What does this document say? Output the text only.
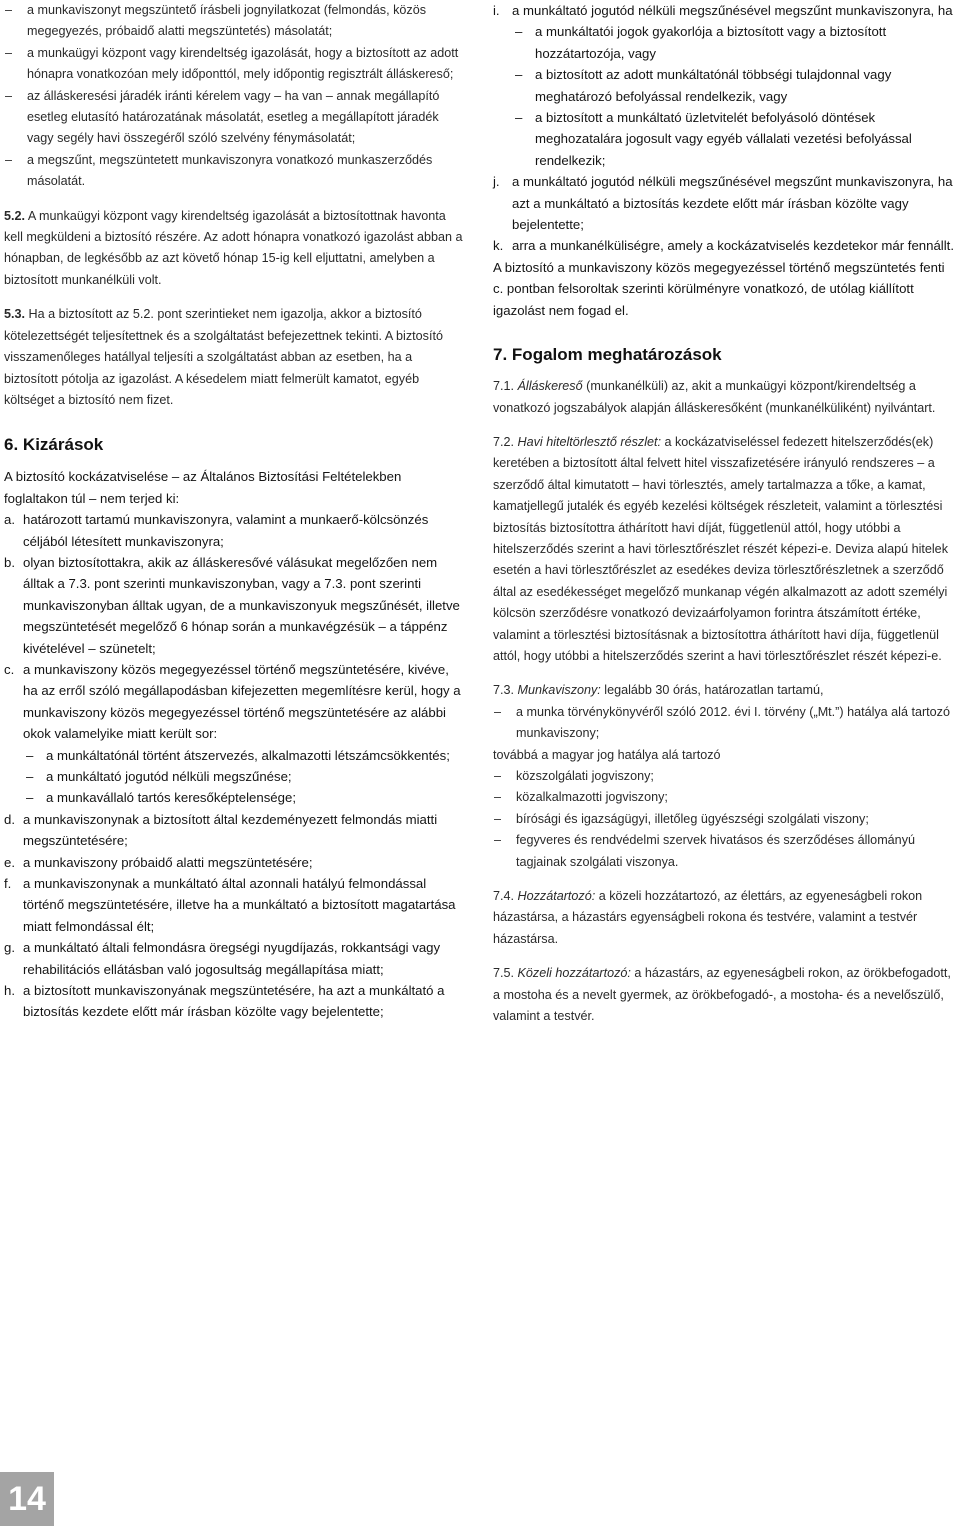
– a munkaviszonyt megszüntető írásbeli jognyilatkozat (felmondás, közös megegyezés, próbaidő alatti megszüntetés) másolatát;
– a munkaügyi központ vagy kirendeltség igazolását, hogy a biztosított az adott hónapra vonatkozóan mely időponttól, mely időpontig regisztrált álláskereső;
– az álláskeresési járadék iránti kérelem vagy – ha van – annak megállapító esetleg elutasító határozatának másolatát, esetleg a megállapított járadék vagy segély havi összegéről szóló szelvény fénymásolatát;
– a megszűnt, megszüntetett munkaviszonyra vonatkozó munkaszerződés másolatát.

5.2. A munkaügyi központ vagy kirendeltség igazolását a biztosítottnak havonta kell megküldeni a biztosító részére. Az adott hónapra vonatkozó igazolást abban a hónapban, de legkésőbb az azt követő hónap 15-ig kell eljuttatni, amelyben a biztosított munkanélküli volt.

5.3. Ha a biztosított az 5.2. pont szerintieket nem igazolja, akkor a biztosító kötelezettségét teljesítettnek és a szolgáltatást befejezettnek tekinti. A biztosító visszamenőleges hatállyal teljesíti a szolgáltatást abban az esetben, ha a biztosított pótolja az igazolást. A késedelem miatt felmerült kamatot, egyéb költséget a biztosító nem fizet.

6. Kizárások

A biztosító kockázatviselése – az Általános Biztosítási Feltételekben foglaltakon túl – nem terjed ki:

a. határozott tartamú munkaviszonyra, valamint a munkaerő-kölcsönzés céljából létesített munkaviszonyra;
b. olyan biztosítottakra, akik az álláskeresővé válásukat megelőzően nem álltak a 7.3. pont szerinti munkaviszonyban, vagy a 7.3. pont szerinti munkaviszonyban álltak ugyan, de a munkaviszonyuk megszűnését, illetve megszüntetését megelőző 6 hónap során a munkavégzésük – a táppénz kivételével – szünetelt;
c. a munkaviszony közös megegyezéssel történő megszüntetésére, kivéve, ha az erről szóló megállapodásban kifejezetten megemlítésre kerül, hogy a munkaviszony közös megegyezéssel történő megszüntetésére az alábbi okok valamelyike miatt került sor:
– a munkáltatónál történt átszervezés, alkalmazotti létszámcsökkentés;
– a munkáltató jogutód nélküli megszűnése;
– a munkavállaló tartós keresőképtelensége;
d. a munkaviszonynak a biztosított által kezdeményezett felmondás miatti megszüntetésére;
e. a munkaviszony próbaidő alatti megszüntetésére;
f. a munkaviszonynak a munkáltató által azonnali hatályú felmondással történő megszüntetésére, illetve ha a munkáltató a biztosított magatartása miatt felmondással élt;
g. a munkáltató általi felmondásra öregségi nyugdíjazás, rokkantsági vagy rehabilitációs ellátásban való jogosultság megállapítása miatt;
h. a biztosított munkaviszonyának megszüntetésére, ha azt a munkáltató a biztosítás kezdete előtt már írásban közölte vagy bejelentette;
i. a munkáltató jogutód nélküli megszűnésével megszűnt munkaviszonyra, ha
– a munkáltatói jogok gyakorlója a biztosított vagy a biztosított hozzátartozója, vagy
– a biztosított az adott munkáltatónál többségi tulajdonnal vagy meghatározó befolyással rendelkezik, vagy
– a biztosított a munkáltató üzletvitelét befolyásoló döntések meghozatalára jogosult vagy egyéb vállalati vezetési befolyással rendelkezik;
j. a munkáltató jogutód nélküli megszűnésével megszűnt munkaviszonyra, ha azt a munkáltató a biztosítás kezdete előtt már írásban közölte vagy bejelentette;
k. arra a munkanélküliségre, amely a kockázatviselés kezdetekor már fennállt.

A biztosító a munkaviszony közös megegyezéssel történő megszüntetés fenti c. pontban felsoroltak szerinti körülményre vonatkozó, de utólag kiállított igazolást nem fogad el.

7. Fogalom meghatározások

7.1. Álláskereső (munkanélküli) az, akit a munkaügyi központ/kirendeltség a vonatkozó jogszabályok alapján álláskeresőként (munkanélküliként) nyilvántart.

7.2. Havi hiteltörlesztő részlet: a kockázatviseléssel fedezett hitelszerződés(ek) keretében a biztosított által felvett hitel visszafizetésére irányuló rendszeres – a szerződő által kimutatott – havi törlesztés, amely tartalmazza a tőke, a kamat, kamatjellegű jutalék és egyéb kezelési költségek részleteit, valamint a törlesztési biztosítás biztosítottra áthárított havi díját, függetlenül attól, hogy utóbbi a hitelszerződés szerint a havi törlesztőrészlet részét képezi-e. Deviza alapú hitelek esetén a havi törlesztőrészlet az esedékes deviza törlesztőrészletnek a szerződő által az esedékességet megelőző munkanap végén alkalmazott az adott személyi kölcsön szerződésre vonatkozó devizaárfolyamon forintra átszámított értéke, valamint a törlesztési biztosításnak a biztosítottra áthárított havi díja, függetlenül attól, hogy utóbbi a hitelszerződés szerint a havi törlesztőrészlet részét képezi-e.

7.3. Munkaviszony: legalább 30 órás, határozatlan tartamú,

– a munka törvénykönyvéről szóló 2012. évi I. törvény („Mt.”) hatálya alá tartozó munkaviszony;

továbbá a magyar jog hatálya alá tartozó

– közszolgálati jogviszony;
– közalkalmazotti jogviszony;
– bírósági és igazságügyi, illetőleg ügyészségi szolgálati viszony;
– fegyveres és rendvédelmi szervek hivatásos és szerződéses állományú tagjainak szolgálati viszonya.

7.4. Hozzátartozó: a közeli hozzátartozó, az élettárs, az egyeneságbeli rokon házastársa, a házastárs egyenságbeli rokona és testvére, valamint a testvér házastársa.

7.5. Közeli hozzátartozó: a házastárs, az egyeneságbeli rokon, az örökbefogadott, a mostoha és a nevelt gyermek, az örökbefogadó-, a mostoha- és a nevelőszülő, valamint a testvér.

14
